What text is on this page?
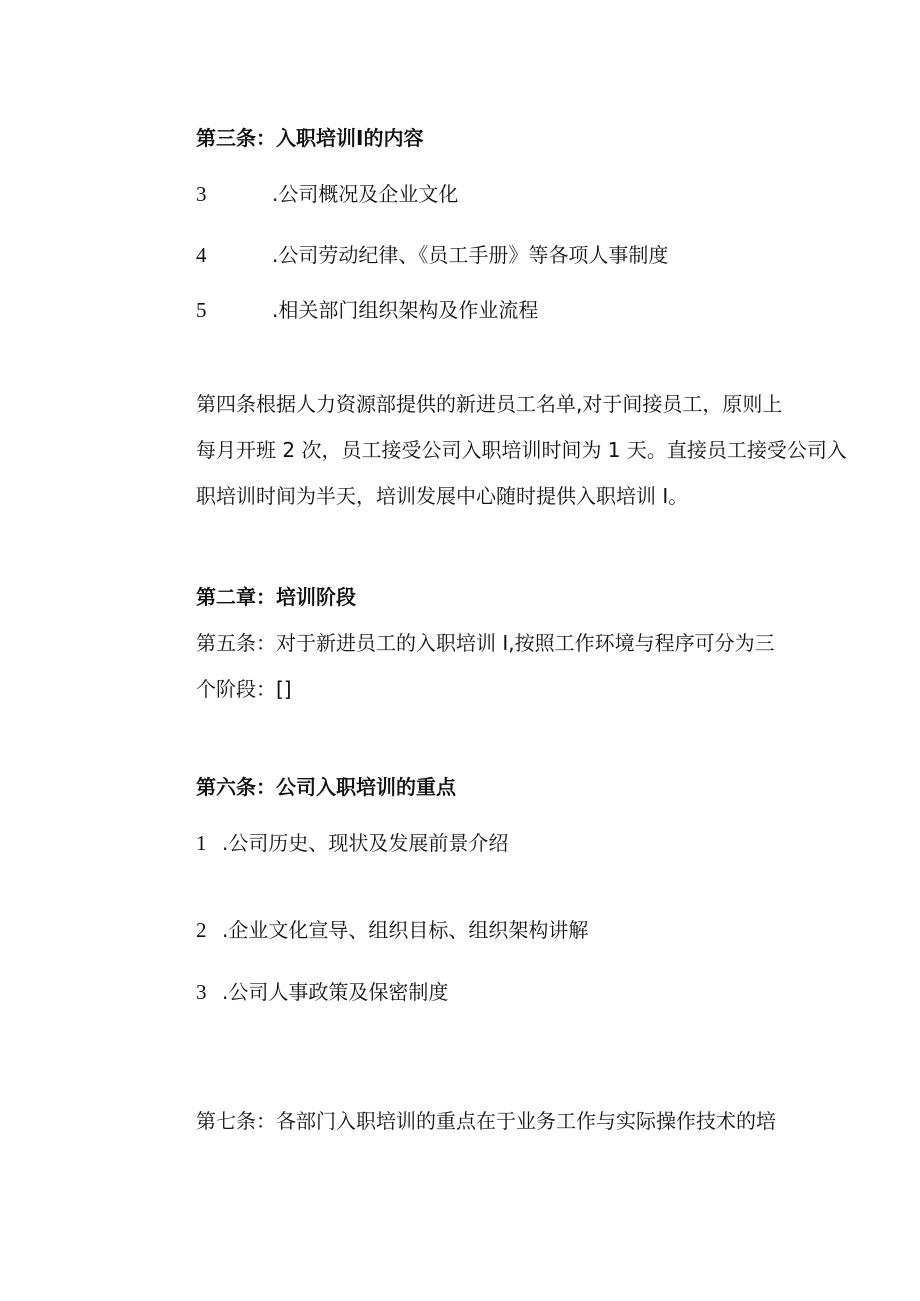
第三条：入职培训Ⅰ的内容
3	.公司概况及企业文化
4	.公司劳动纪律、《员工手册》等各项人事制度
5	.相关部门组织架构及作业流程
第四条根据人力资源部提供的新进员工名单,对于间接员工，原则上
每月开班 2 次，员工接受公司入职培训时间为 1 天。直接员工接受公司入
职培训时间为半天，培训发展中心随时提供入职培训 I。
第二章：培训阶段
第五条：对于新进员工的入职培训 I,按照工作环境与程序可分为三
个阶段：[]
第六条：公司入职培训的重点
1 .公司历史、现状及发展前景介绍
2 .企业文化宣导、组织目标、组织架构讲解
3 .公司人事政策及保密制度
第七条：各部门入职培训的重点在于业务工作与实际操作技术的培
